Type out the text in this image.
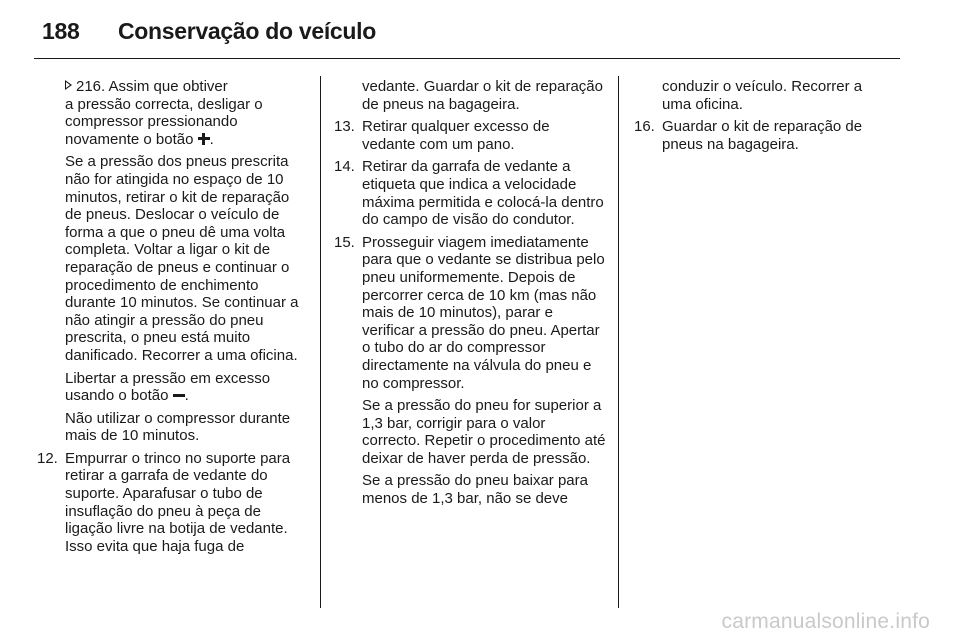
188 Conservação do veículo

216. Assim que obtiver
a pressão correcta, desligar o compressor pressionando novamente o botão .

Se a pressão dos pneus prescrita não for atingida no espaço de 10 minutos, retirar o kit de reparação de pneus. Deslocar o veículo de forma a que o pneu dê uma volta completa. Voltar a ligar o kit de reparação de pneus e continuar o procedimento de enchimento durante 10 minutos. Se continuar a não atingir a pressão do pneu prescrita, o pneu está muito danificado. Recorrer a uma oficina.

Libertar a pressão em excesso usando o botão .

Não utilizar o compressor durante mais de 10 minutos.

12. Empurrar o trinco no suporte para retirar a garrafa de vedante do suporte. Aparafusar o tubo de insuflação do pneu à peça de ligação livre na botija de vedante. Isso evita que haja fuga de

vedante. Guardar o kit de reparação de pneus na bagageira.

13. Retirar qualquer excesso de vedante com um pano.
14. Retirar da garrafa de vedante a etiqueta que indica a velocidade máxima permitida e colocá-la dentro do campo de visão do condutor.
15. Prosseguir viagem imediatamente para que o vedante se distribua pelo pneu uniformemente. Depois de percorrer cerca de 10 km (mas não mais de 10 minutos), parar e verificar a pressão do pneu. Apertar o tubo do ar do compressor directamente na válvula do pneu e no compressor.
Se a pressão do pneu for superior a 1,3 bar, corrigir para o valor correcto. Repetir o procedimento até deixar de haver perda de pressão.
Se a pressão do pneu baixar para menos de 1,3 bar, não se deve

conduzir o veículo. Recorrer a uma oficina.

16. Guardar o kit de reparação de pneus na bagageira.
carmanualsonline.info
